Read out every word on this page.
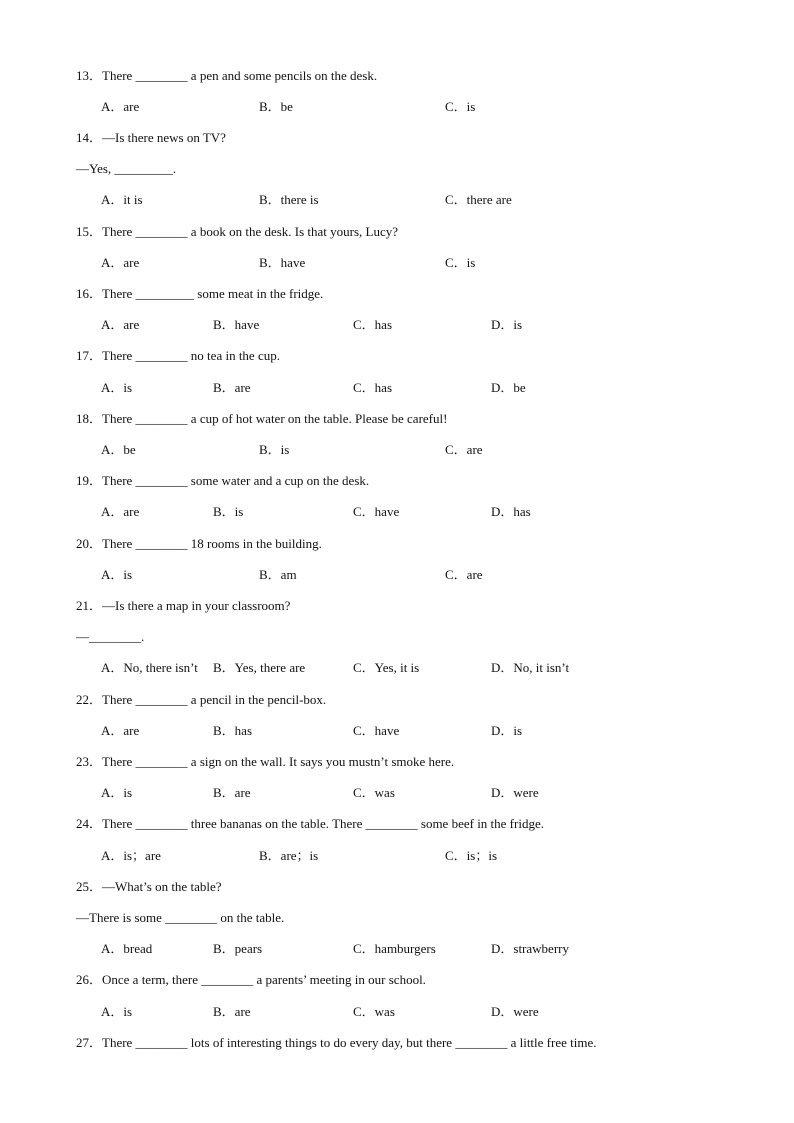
13．There ________ a pen and some pencils on the desk.
A．are	B．be	C．is
14．—Is there news on TV?
—Yes, _________.
A．it is	B．there is	C．there are
15．There ________ a book on the desk. Is that yours, Lucy?
A．are	B．have	C．is
16．There _________ some meat in the fridge.
A．are	B．have	C．has	D．is
17．There ________ no tea in the cup.
A．is	B．are	C．has	D．be
18．There ________ a cup of hot water on the table. Please be careful!
A．be	B．is	C．are
19．There ________ some water and a cup on the desk.
A．are	B．is	C．have	D．has
20．There ________ 18 rooms in the building.
A．is	B．am	C．are
21．—Is there a map in your classroom?
—________.
A．No, there isn’t B．Yes, there are	C．Yes, it is	D．No, it isn’t
22．There ________ a pencil in the pencil-box.
A．are	B．has	C．have	D．is
23．There ________ a sign on the wall. It says you mustn’t smoke here.
A．is	B．are	C．was	D．were
24．There ________ three bananas on the table. There ________ some beef in the fridge.
A．is；are	B．are；is	C．is；is
25．—What’s on the table?
—There is some ________ on the table.
A．bread	B．pears	C．hamburgers	D．strawberry
26．Once a term, there ________ a parents’ meeting in our school.
A．is	B．are	C．was	D．were
27．There ________ lots of interesting things to do every day, but there ________ a little free time.
